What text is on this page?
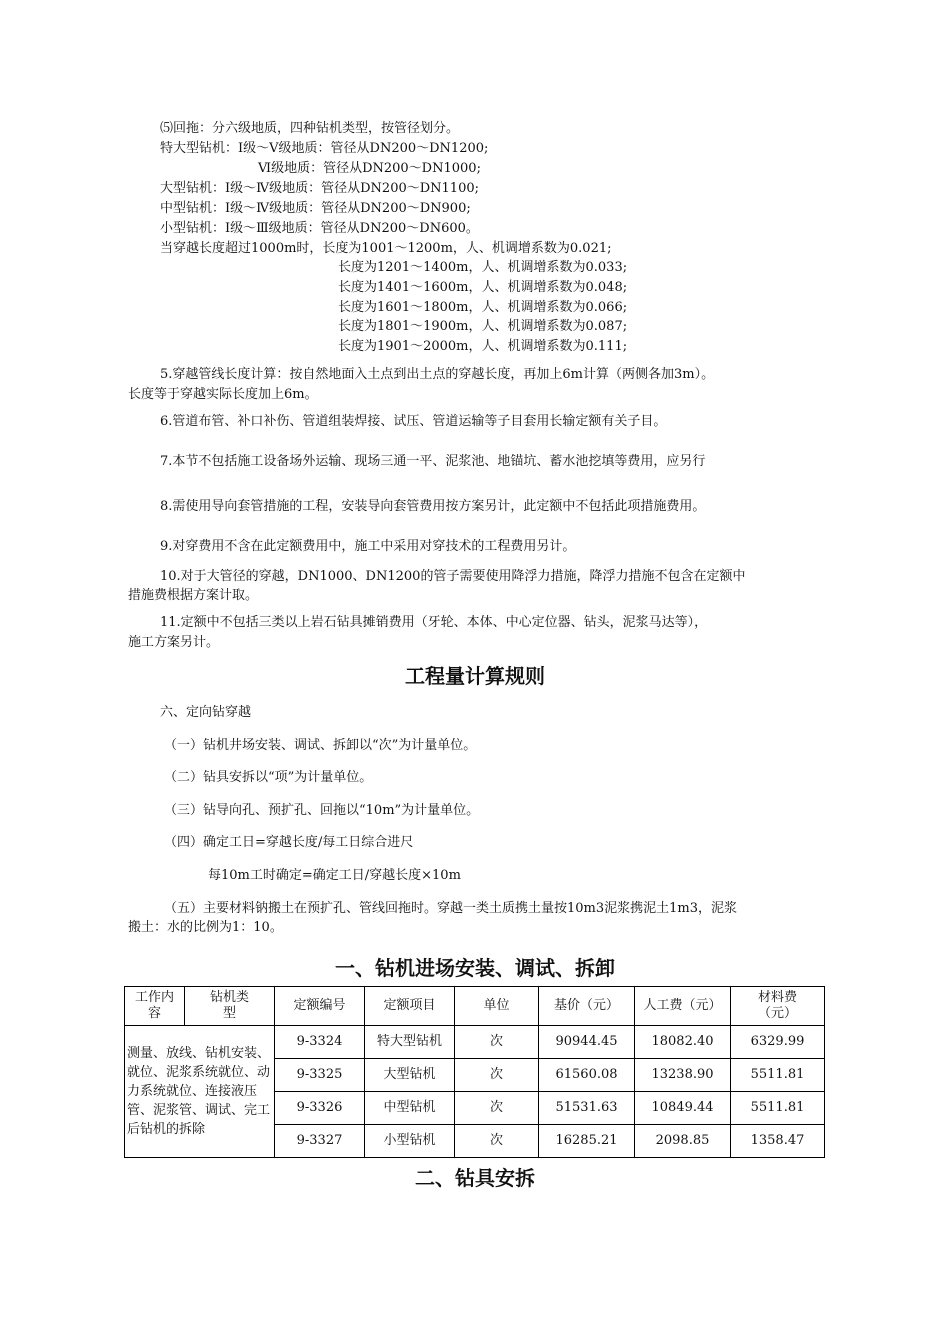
⑸回拖：分六级地质，四种钻机类型，按管径划分。
特大型钻机：Ⅰ级～Ⅴ级地质：管径从DN200～DN1200;
Ⅵ级地质：管径从DN200～DN1000;
大型钻机：Ⅰ级～Ⅳ级地质：管径从DN200～DN1100;
中型钻机：Ⅰ级～Ⅳ级地质：管径从DN200～DN900;
小型钻机：Ⅰ级～Ⅲ级地质：管径从DN200～DN600。
当穿越长度超过1000m时，长度为1001～1200m，人、机调增系数为0.021;
长度为1201～1400m，人、机调增系数为0.033;
长度为1401～1600m，人、机调增系数为0.048;
长度为1601～1800m，人、机调增系数为0.066;
长度为1801～1900m，人、机调增系数为0.087;
长度为1901～2000m，人、机调增系数为0.111;
5.穿越管线长度计算：按自然地面入土点到出土点的穿越长度，再加上6m计算（两侧各加3m）。
长度等于穿越实际长度加上6m。
6.管道布管、补口补伤、管道组装焊接、试压、管道运输等子目套用长输定额有关子目。
7.本节不包括施工设备场外运输、现场三通一平、泥浆池、地锚坑、蓄水池挖填等费用，应另行
8.需使用导向套管措施的工程，安装导向套管费用按方案另计，此定额中不包括此项措施费用。
9.对穿费用不含在此定额费用中，施工中采用对穿技术的工程费用另计。
10.对于大管径的穿越，DN1000、DN1200的管子需要使用降浮力措施，降浮力措施不包含在定额中
措施费根据方案计取。
11.定额中不包括三类以上岩石钻具摊销费用（牙轮、本体、中心定位器、钻头，泥浆马达等），
施工方案另计。
工程量计算规则
六、定向钻穿越
（一）钻机井场安装、调试、拆卸以“次”为计量单位。
（二）钻具安拆以“项”为计量单位。
（三）钻导向孔、预扩孔、回拖以“10m”为计量单位。
（四）确定工日=穿越长度/每工日综合进尺
每10m工时确定=确定工日/穿越长度×10m
（五）主要材料钠搬土在预扩孔、管线回拖时。穿越一类土质携土量按10m3泥浆携泥土1m3，泥浆
搬土：水的比例为1：10。
一、钻机进场安装、调试、拆卸
工作内容	钻机类型	定额编号	定额项目	单位	基价（元）	人工费（元）	材料费（元）
测量、放线、钻机安装、就位、泥浆系统就位、动力系统就位、连接液压管、泥浆管、调试、完工后钻机的拆除		9-3324	特大型钻机	次	90944.45	18082.40	6329.99
		9-3325	大型钻机	次	61560.08	13238.90	5511.81
		9-3326	中型钻机	次	51531.63	10849.44	5511.81
		9-3327	小型钻机	次	16285.21	2098.85	1358.47
二、钻具安拆
